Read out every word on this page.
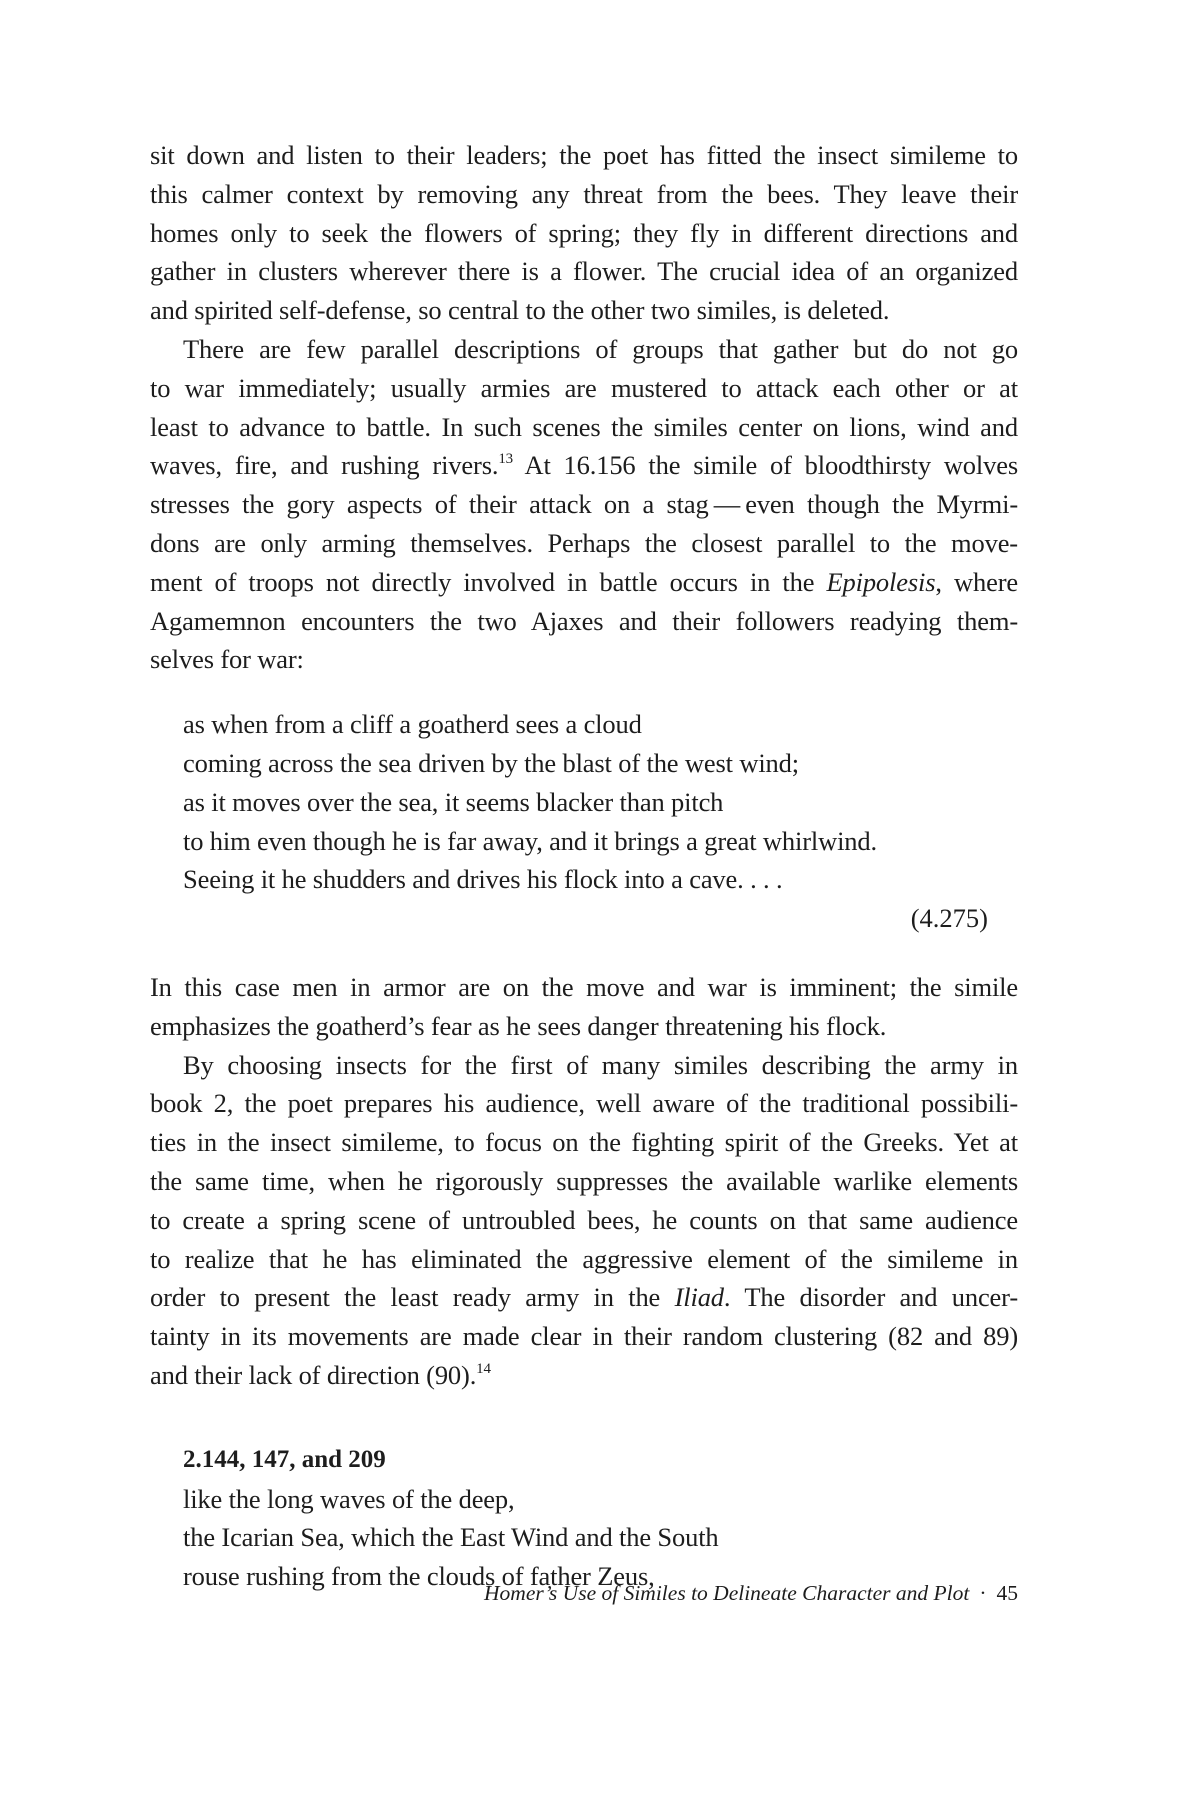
sit down and listen to their leaders; the poet has fitted the insect simileme to
this calmer context by removing any threat from the bees. They leave their
homes only to seek the flowers of spring; they fly in different directions and
gather in clusters wherever there is a flower. The crucial idea of an organized
and spirited self-defense, so central to the other two similes, is deleted.
There are few parallel descriptions of groups that gather but do not go
to war immediately; usually armies are mustered to attack each other or at
least to advance to battle. In such scenes the similes center on lions, wind and
waves, fire, and rushing rivers.$^{13}$ At 16.156 the simile of bloodthirsty wolves
stresses the gory aspects of their attack on a stag — even though the Myrmi-
dons are only arming themselves. Perhaps the closest parallel to the move-
ment of troops not directly involved in battle occurs in the Epipolesis, where
Agamemnon encounters the two Ajaxes and their followers readying them-
selves for war:
as when from a cliff a goatherd sees a cloud
coming across the sea driven by the blast of the west wind;
as it moves over the sea, it seems blacker than pitch
to him even though he is far away, and it brings a great whirlwind.
Seeing it he shudders and drives his flock into a cave. . . .
(4.275)
In this case men in armor are on the move and war is imminent; the simile
emphasizes the goatherd’s fear as he sees danger threatening his flock.
By choosing insects for the first of many similes describing the army in
book 2, the poet prepares his audience, well aware of the traditional possibili-
ties in the insect simileme, to focus on the fighting spirit of the Greeks. Yet at
the same time, when he rigorously suppresses the available warlike elements
to create a spring scene of untroubled bees, he counts on that same audience
to realize that he has eliminated the aggressive element of the simileme in
order to present the least ready army in the Iliad. The disorder and uncer-
tainty in its movements are made clear in their random clustering (82 and 89)
and their lack of direction (90).$^{14}$
2.144, 147, and 209
like the long waves of the deep,
the Icarian Sea, which the East Wind and the South
rouse rushing from the clouds of father Zeus,
Homer’s Use of Similes to Delineate Character and Plot · 45
